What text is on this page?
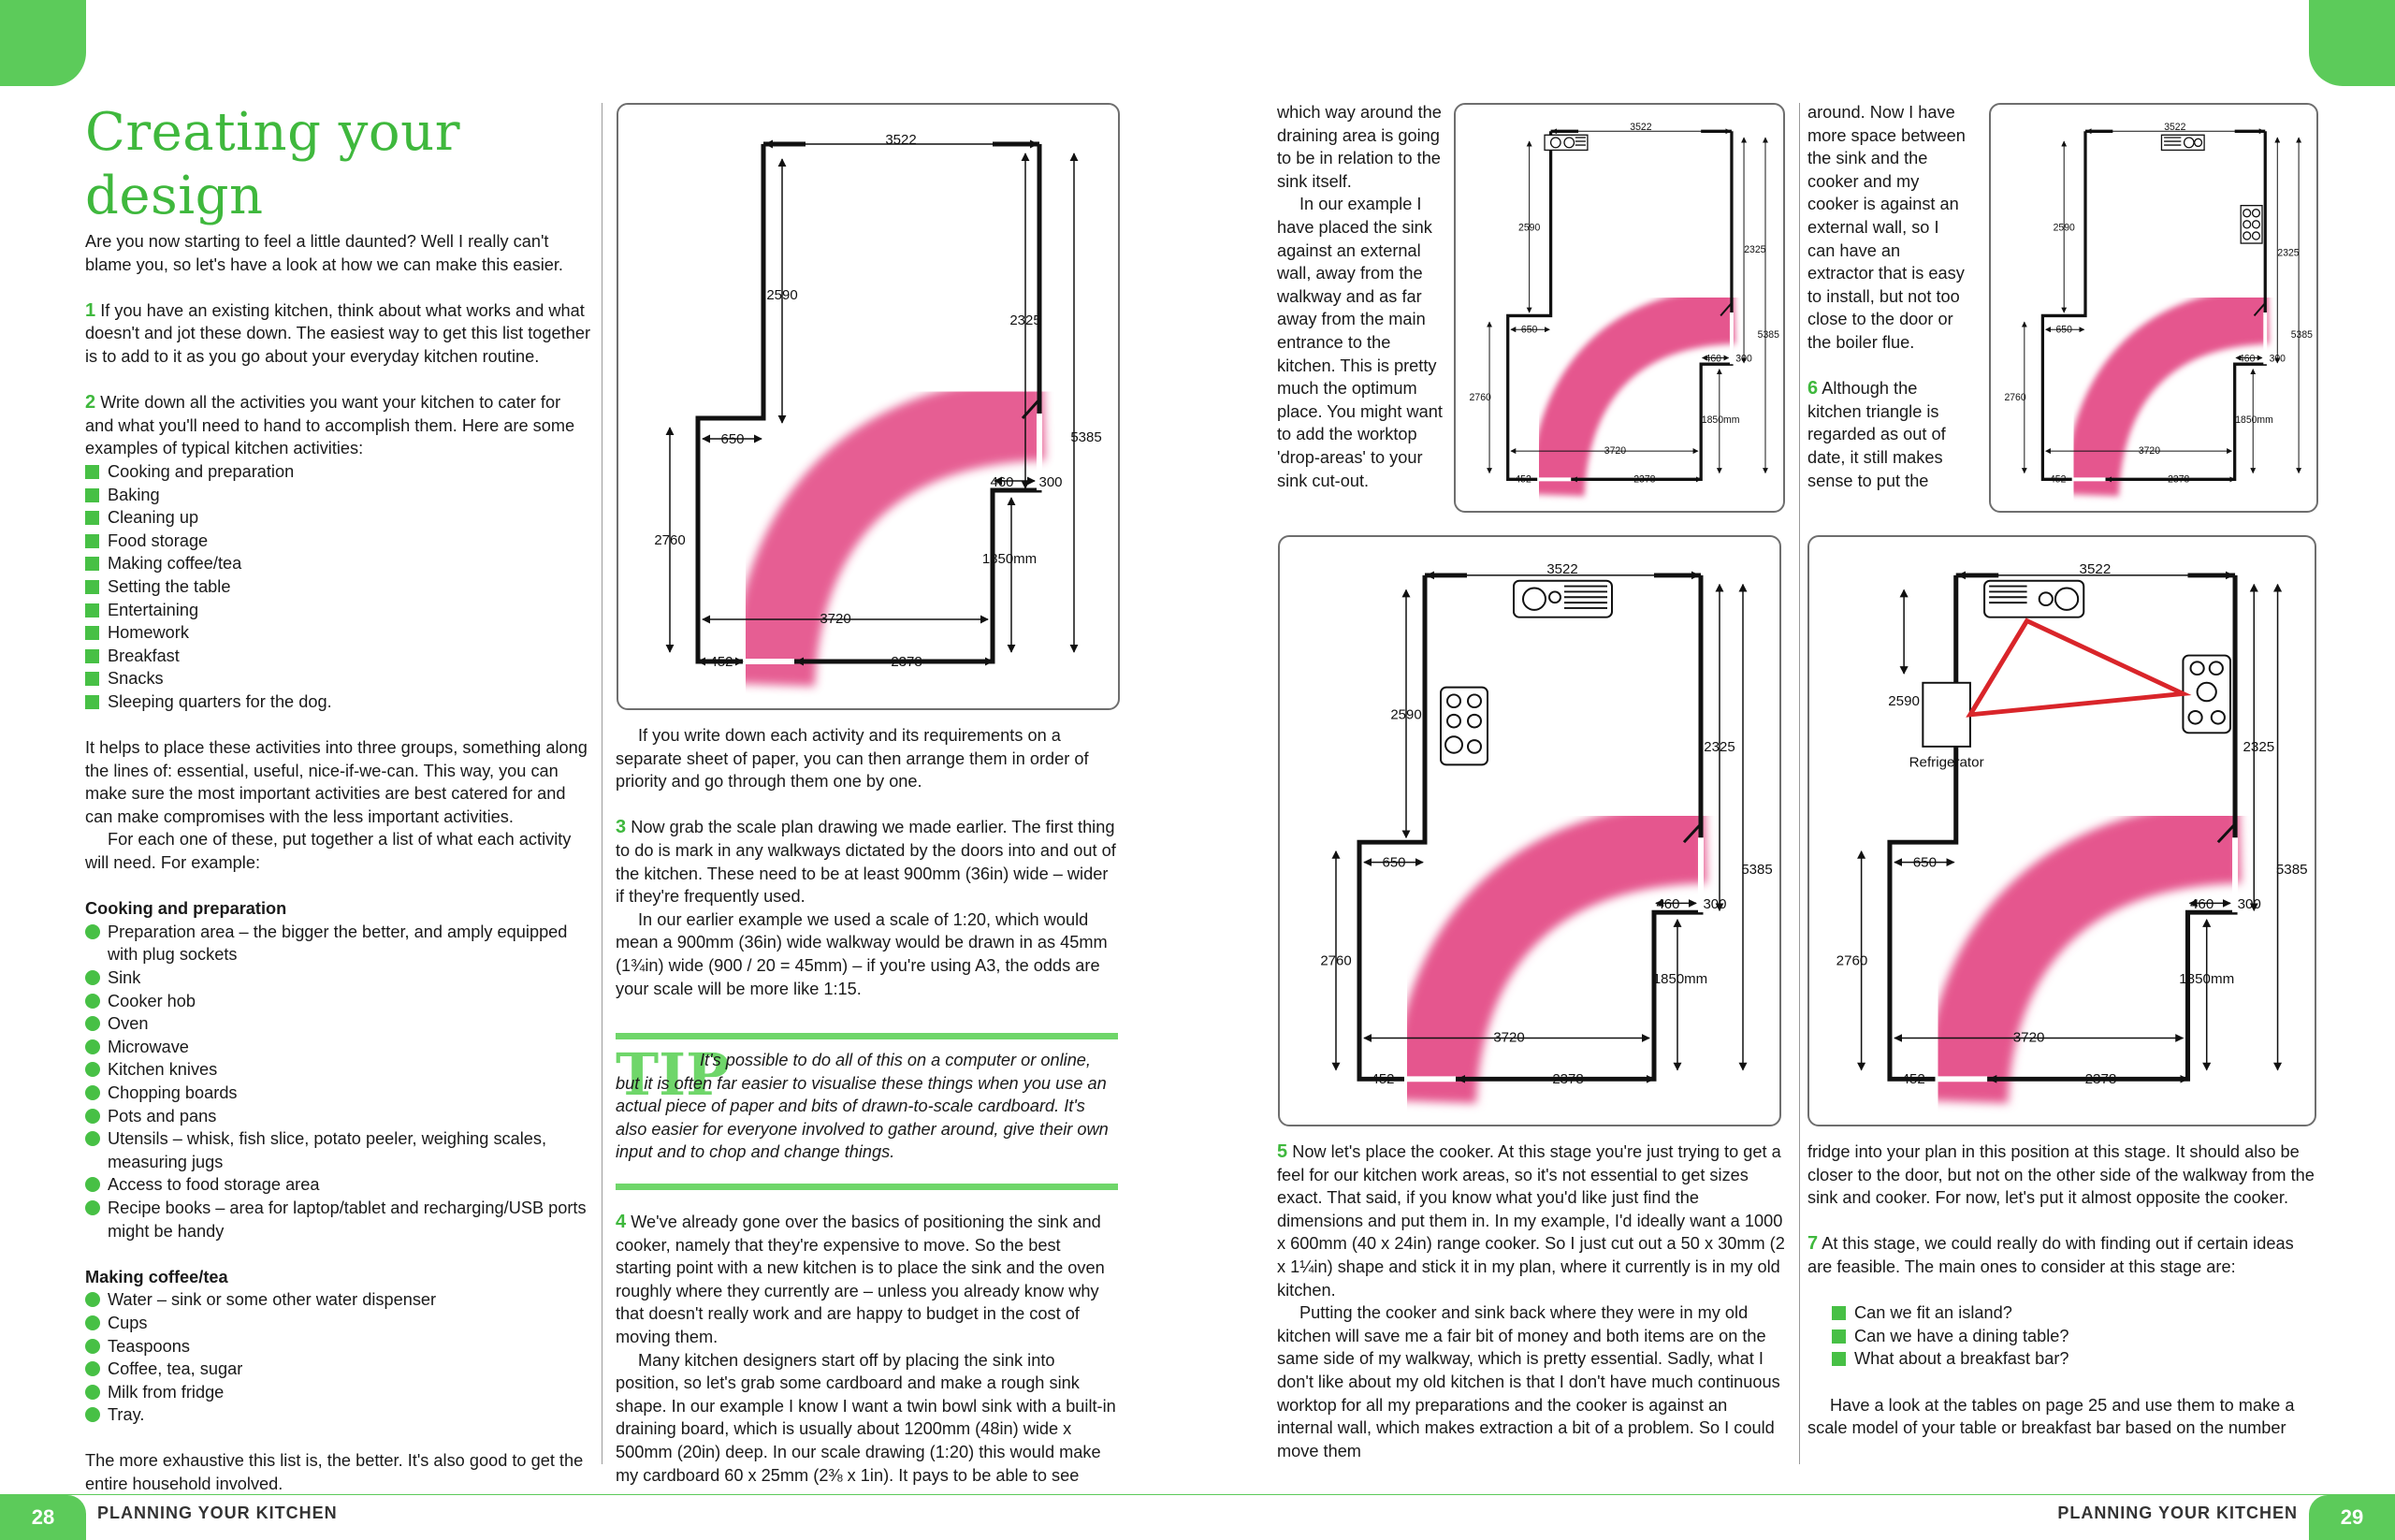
Creating your design

Are you now starting to feel a little daunted? Well I really can't blame you, so let's have a look at how we can make this easier.

1 If you have an existing kitchen, think about what works and what doesn't and jot these down. The easiest way to get this list together is to add to it as you go about your everyday kitchen routine.

2 Write down all the activities you want your kitchen to cater for and what you'll need to hand to accomplish them. Here are some examples of typical kitchen activities:

Cooking and preparation
Baking
Cleaning up
Food storage
Making coffee/tea
Setting the table
Entertaining
Homework
Breakfast
Snacks
Sleeping quarters for the dog.

It helps to place these activities into three groups, something along the lines of: essential, useful, nice-if-we-can. This way, you can make sure the most important activities are best catered for and can make compromises with the less important activities.

For each one of these, put together a list of what each activity will need. For example:

Cooking and preparation
Preparation area – the bigger the better, and amply equipped with plug sockets
Sink
Cooker hob
Oven
Microwave
Kitchen knives
Chopping boards
Pots and pans
Utensils – whisk, fish slice, potato peeler, weighing scales, measuring jugs
Access to food storage area
Recipe books – area for laptop/tablet and recharging/USB ports might be handy
Making coffee/tea
Water – sink or some other water dispenser
Cups
Teaspoons
Coffee, tea, sugar
Milk from fridge
Tray.

The more exhaustive this list is, the better. It's also good to get the entire household involved.

3522
2590
2325
5385
650
460 300
2760
1850mm
3720
452	2378

If you write down each activity and its requirements on a separate sheet of paper, you can then arrange them in order of priority and go through them one by one.

3 Now grab the scale plan drawing we made earlier. The first thing to do is mark in any walkways dictated by the doors into and out of the kitchen. These need to be at least 900mm (36in) wide – wider if they're frequently used.

In our earlier example we used a scale of 1:20, which would mean a 900mm (36in) wide walkway would be drawn in as 45mm (1¾in) wide (900 / 20 = 45mm) – if you're using A3, the odds are your scale will be more like 1:15.

TIP
It's possible to do all of this on a computer or online, but it is often far easier to visualise these things when you use an actual piece of paper and bits of drawn-to-scale cardboard. It's also easier for everyone involved to gather around, give their own input and to chop and change things.

4 We've already gone over the basics of positioning the sink and cooker, namely that they're expensive to move. So the best starting point with a new kitchen is to place the sink and the oven roughly where they currently are – unless you already know why that doesn't really work and are happy to budget in the cost of moving them.

Many kitchen designers start off by placing the sink into position, so let's grab some cardboard and make a rough sink shape. In our example I know I want a twin bowl sink with a built-in draining board, which is usually about 1200mm (48in) wide x 500mm (20in) deep. In our scale drawing (1:20) this would make my cardboard 60 x 25mm (2⅜ x 1in). It pays to be able to see

which way around the draining area is going to be in relation to the sink itself.

In our example I have placed the sink against an external wall, away from the walkway and as far away from the main entrance to the kitchen. This is pretty much the optimum place. You might want to add the worktop 'drop-areas' to your sink cut-out.

3522
2590
2325
5385
650
460 300
2760
1850mm
3720
452	2378

around. Now I have more space between the sink and the cooker and my cooker is against an external wall, so I can have an extractor that is easy to install, but not too close to the door or the boiler flue.

6 Although the kitchen triangle is regarded as out of date, it still makes sense to put the

3522
2590
2325
5385
650
460 300
2760
1850mm
3720
452	2378
3522
2590
2325
5385
650
460 300
2760
1850mm
3720
452	2378
Refrigerator
3522
2590
2325
5385
650
460 300
2760
1850mm
3720
452	2378

5 Now let's place the cooker. At this stage you're just trying to get a feel for our kitchen work areas, so it's not essential to get sizes exact. That said, if you know what you'd like just find the dimensions and put them in. In my example, I'd ideally want a 1000 x 600mm (40 x 24in) range cooker. So I just cut out a 50 x 30mm (2 x 1¼in) shape and stick it in my plan, where it currently is in my old kitchen.

Putting the cooker and sink back where they were in my old kitchen will save me a fair bit of money and both items are on the same side of my walkway, which is pretty essential. Sadly, what I don't like about my old kitchen is that I don't have much continuous worktop for all my preparations and the cooker is against an internal wall, which makes extraction a bit of a problem. So I could move them

fridge into your plan in this position at this stage. It should also be closer to the door, but not on the other side of the walkway from the sink and cooker. For now, let's put it almost opposite the cooker.

7 At this stage, we could really do with finding out if certain ideas are feasible. The main ones to consider at this stage are:

Can we fit an island?
Can we have a dining table?
What about a breakfast bar?

Have a look at the tables on page 25 and use them to make a scale model of your table or breakfast bar based on the number

28	PLANNING YOUR KITCHEN	PLANNING YOUR KITCHEN	29
